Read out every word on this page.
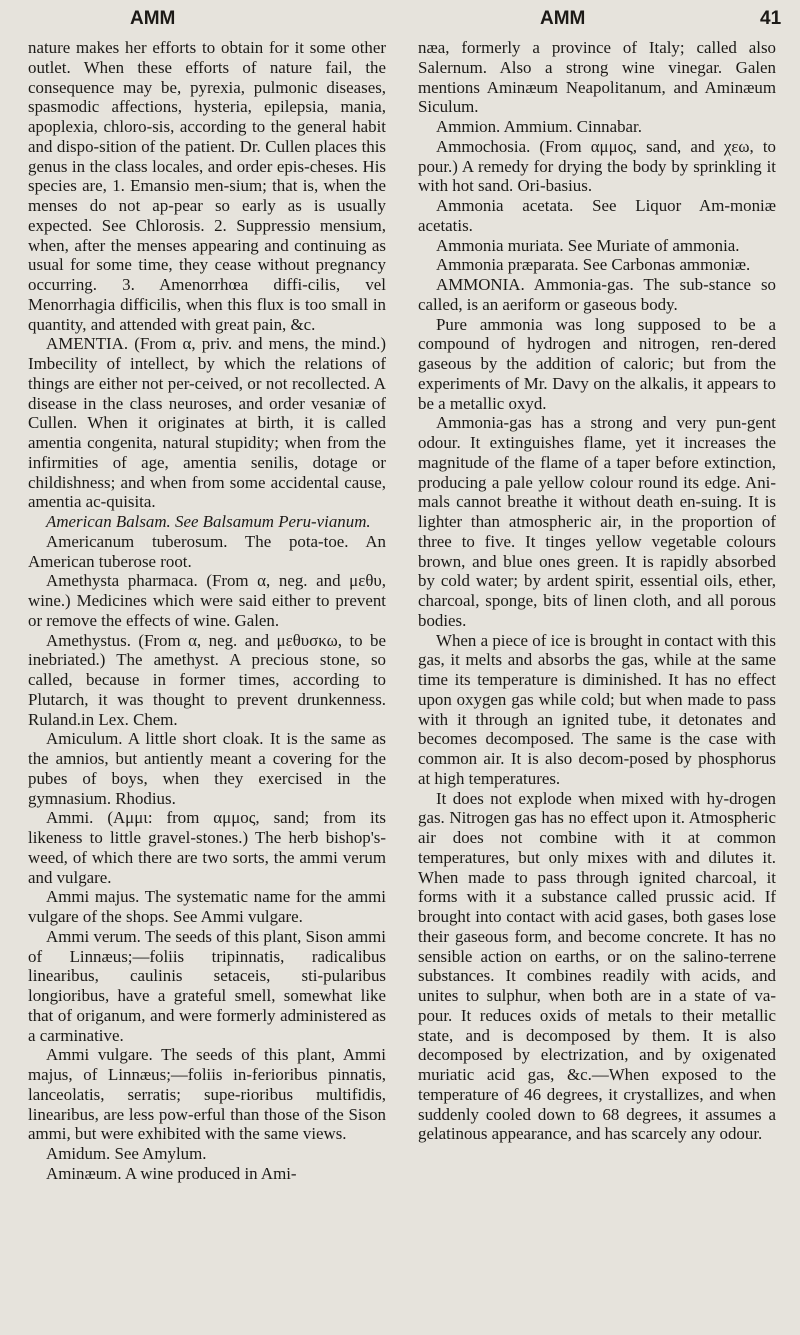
AMM	AMM	41

nature makes her efforts to obtain for it some other outlet. When these efforts of nature fail, the consequence may be, pyrexia, pulmonic diseases, spasmodic affections, hysteria, epilepsia, mania, apoplexia, chloro-sis, according to the general habit and dispo-sition of the patient. Dr. Cullen places this genus in the class locales, and order epis-cheses. His species are, 1. Emansio men-sium; that is, when the menses do not ap-pear so early as is usually expected. See Chlorosis. 2. Suppressio mensium, when, after the menses appearing and continuing as usual for some time, they cease without pregnancy occurring. 3. Amenorrhœa diffi-cilis, vel Menorrhagia difficilis, when this flux is too small in quantity, and attended with great pain, &c.

AMENTIA. (From α, priv. and mens, the mind.) Imbecility of intellect, by which the relations of things are either not per-ceived, or not recollected. A disease in the class neuroses, and order vesaniæ of Cullen. When it originates at birth, it is called amentia congenita, natural stupidity; when from the infirmities of age, amentia senilis, dotage or childishness; and when from some accidental cause, amentia ac-quisita.

American Balsam. See Balsamum Peru-vianum.

Americanum tuberosum. The pota-toe. An American tuberose root.

Amethysta pharmaca. (From α, neg. and μεθυ, wine.) Medicines which were said either to prevent or remove the effects of wine. Galen.

Amethystus. (From α, neg. and μεθυσκω, to be inebriated.) The amethyst. A precious stone, so called, because in former times, according to Plutarch, it was thought to prevent drunkenness. Ruland.in Lex. Chem.

Amiculum. A little short cloak. It is the same as the amnios, but antiently meant a covering for the pubes of boys, when they exercised in the gymnasium. Rhodius.

Ammi. (Αμμι: from αμμος, sand; from its likeness to little gravel-stones.) The herb bishop's-weed, of which there are two sorts, the ammi verum and vulgare.

Ammi majus. The systematic name for the ammi vulgare of the shops. See Ammi vulgare.

Ammi verum. The seeds of this plant, Sison ammi of Linnæus;—foliis tripinnatis, radicalibus linearibus, caulinis setaceis, sti-pularibus longioribus, have a grateful smell, somewhat like that of origanum, and were formerly administered as a carminative.

Ammi vulgare. The seeds of this plant, Ammi majus, of Linnæus;—foliis in-ferioribus pinnatis, lanceolatis, serratis; supe-rioribus multifidis, linearibus, are less pow-erful than those of the Sison ammi, but were exhibited with the same views.

Amidum. See Amylum.

Aminæum. A wine produced in Ami-

næa, formerly a province of Italy; called also Salernum. Also a strong wine vinegar. Galen mentions Aminæum Neapolitanum, and Aminæum Siculum.

Ammion. Ammium. Cinnabar.

Ammochosia. (From αμμος, sand, and χεω, to pour.) A remedy for drying the body by sprinkling it with hot sand. Ori-basius.

Ammonia acetata. See Liquor Am-moniæ acetatis.

Ammonia muriata. See Muriate of ammonia.

Ammonia præparata. See Carbonas ammoniæ.

AMMONIA. Ammonia-gas. The sub-stance so called, is an aeriform or gaseous body.

Pure ammonia was long supposed to be a compound of hydrogen and nitrogen, ren-dered gaseous by the addition of caloric; but from the experiments of Mr. Davy on the alkalis, it appears to be a metallic oxyd.

Ammonia-gas has a strong and very pun-gent odour. It extinguishes flame, yet it increases the magnitude of the flame of a taper before extinction, producing a pale yellow colour round its edge. Ani-mals cannot breathe it without death en-suing. It is lighter than atmospheric air, in the proportion of three to five. It tinges yellow vegetable colours brown, and blue ones green. It is rapidly absorbed by cold water; by ardent spirit, essential oils, ether, charcoal, sponge, bits of linen cloth, and all porous bodies.

When a piece of ice is brought in contact with this gas, it melts and absorbs the gas, while at the same time its temperature is diminished. It has no effect upon oxygen gas while cold; but when made to pass with it through an ignited tube, it detonates and becomes decomposed. The same is the case with common air. It is also decom-posed by phosphorus at high temperatures.

It does not explode when mixed with hy-drogen gas. Nitrogen gas has no effect upon it. Atmospheric air does not combine with it at common temperatures, but only mixes with and dilutes it. When made to pass through ignited charcoal, it forms with it a substance called prussic acid. If brought into contact with acid gases, both gases lose their gaseous form, and become concrete. It has no sensible action on earths, or on the salino-terrene substances. It combines readily with acids, and unites to sulphur, when both are in a state of va-pour. It reduces oxids of metals to their metallic state, and is decomposed by them. It is also decomposed by electrization, and by oxigenated muriatic acid gas, &c.—When exposed to the temperature of 46 degrees, it crystallizes, and when suddenly cooled down to 68 degrees, it assumes a gelatinous appearance, and has scarcely any odour.
